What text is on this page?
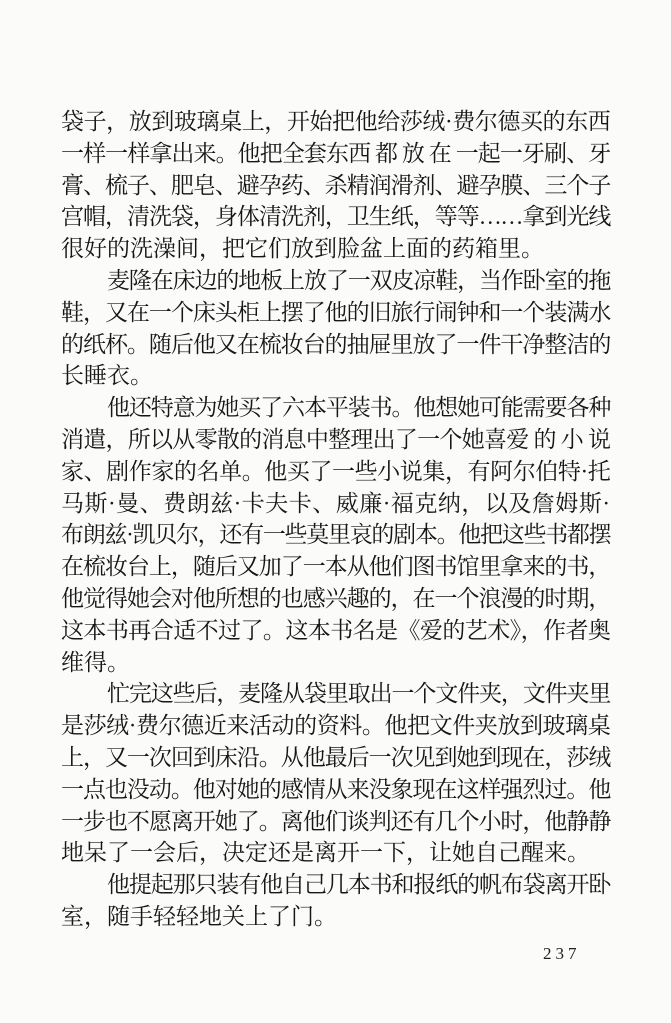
袋子，放到玻璃桌上，开始把他给莎绒·费尔德买的东西
一样一样拿出来。他把全套东西 都 放 在 一起一牙刷、牙
膏、梳子、肥皂、避孕药、杀精润滑剂、避孕膜、三个子
宫帽，清洗袋，身体清洗剂，卫生纸，等等……拿到光线
很好的洗澡间，把它们放到脸盆上面的药箱里。
麦隆在床边的地板上放了一双皮凉鞋，当作卧室的拖
鞋，又在一个床头柜上摆了他的旧旅行闹钟和一个装满水
的纸杯。随后他又在梳妆台的抽屉里放了一件干净整洁的
长睡衣。
他还特意为她买了六本平装书。他想她可能需要各种
消遣，所以从零散的消息中整理出了一个她喜爱 的 小 说
家、剧作家的名单。他买了一些小说集，有阿尔伯特·托
马斯·曼、费朗兹·卡夫卡、威廉·福克纳，以及詹姆斯·
布朗兹·凯贝尔，还有一些莫里哀的剧本。他把这些书都摆
在梳妆台上，随后又加了一本从他们图书馆里拿来的书，
他觉得她会对他所想的也感兴趣的，在一个浪漫的时期，
这本书再合适不过了。这本书名是《爱的艺术》，作者奥
维得。
忙完这些后，麦隆从袋里取出一个文件夹，文件夹里
是莎绒·费尔德近来活动的资料。他把文件夹放到玻璃桌
上，又一次回到床沿。从他最后一次见到她到现在，莎绒
一点也没动。他对她的感情从来没象现在这样强烈过。他
一步也不愿离开她了。离他们谈判还有几个小时，他静静
地呆了一会后，决定还是离开一下，让她自己醒来。
他提起那只装有他自己几本书和报纸的帆布袋离开卧
室，随手轻轻地关上了门。
237
